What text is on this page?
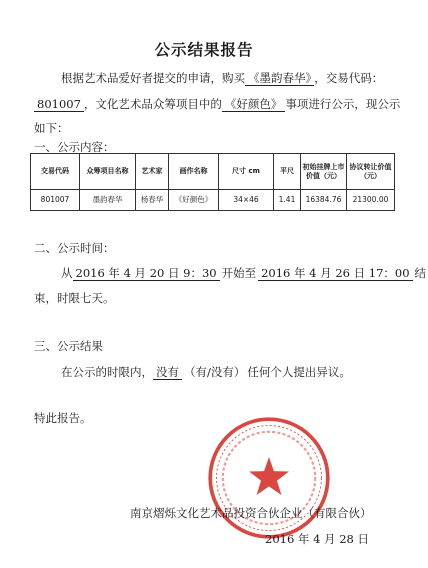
公示结果报告
根据艺术品爱好者提交的申请，购买 《墨韵春华》 ，交易代码：
801007 ，文化艺术品众筹项目中的 《好颜色》 事项进行公示，现公示
如下：
一、公示内容：
交易代码	众筹项目名称	艺术家	画作名称	尺寸 cm	平尺	初始挂牌上市价值（元）	协议转让价值（元）
801007	墨韵春华	杨春华	《好颜色》	34×46	1.41	16384.76	21300.00
二、公示时间：
从 2016 年 4 月 20 日 9：30 开始至 2016 年 4 月 26 日 17：00 结
束，时限七天。
三、公示结果
在公示的时限内， 没有 （有/没有） 任何个人提出异议。
特此报告。
南京熠烁文化艺术品投资合伙企业（有限合伙）
2016 年 4 月 28 日
